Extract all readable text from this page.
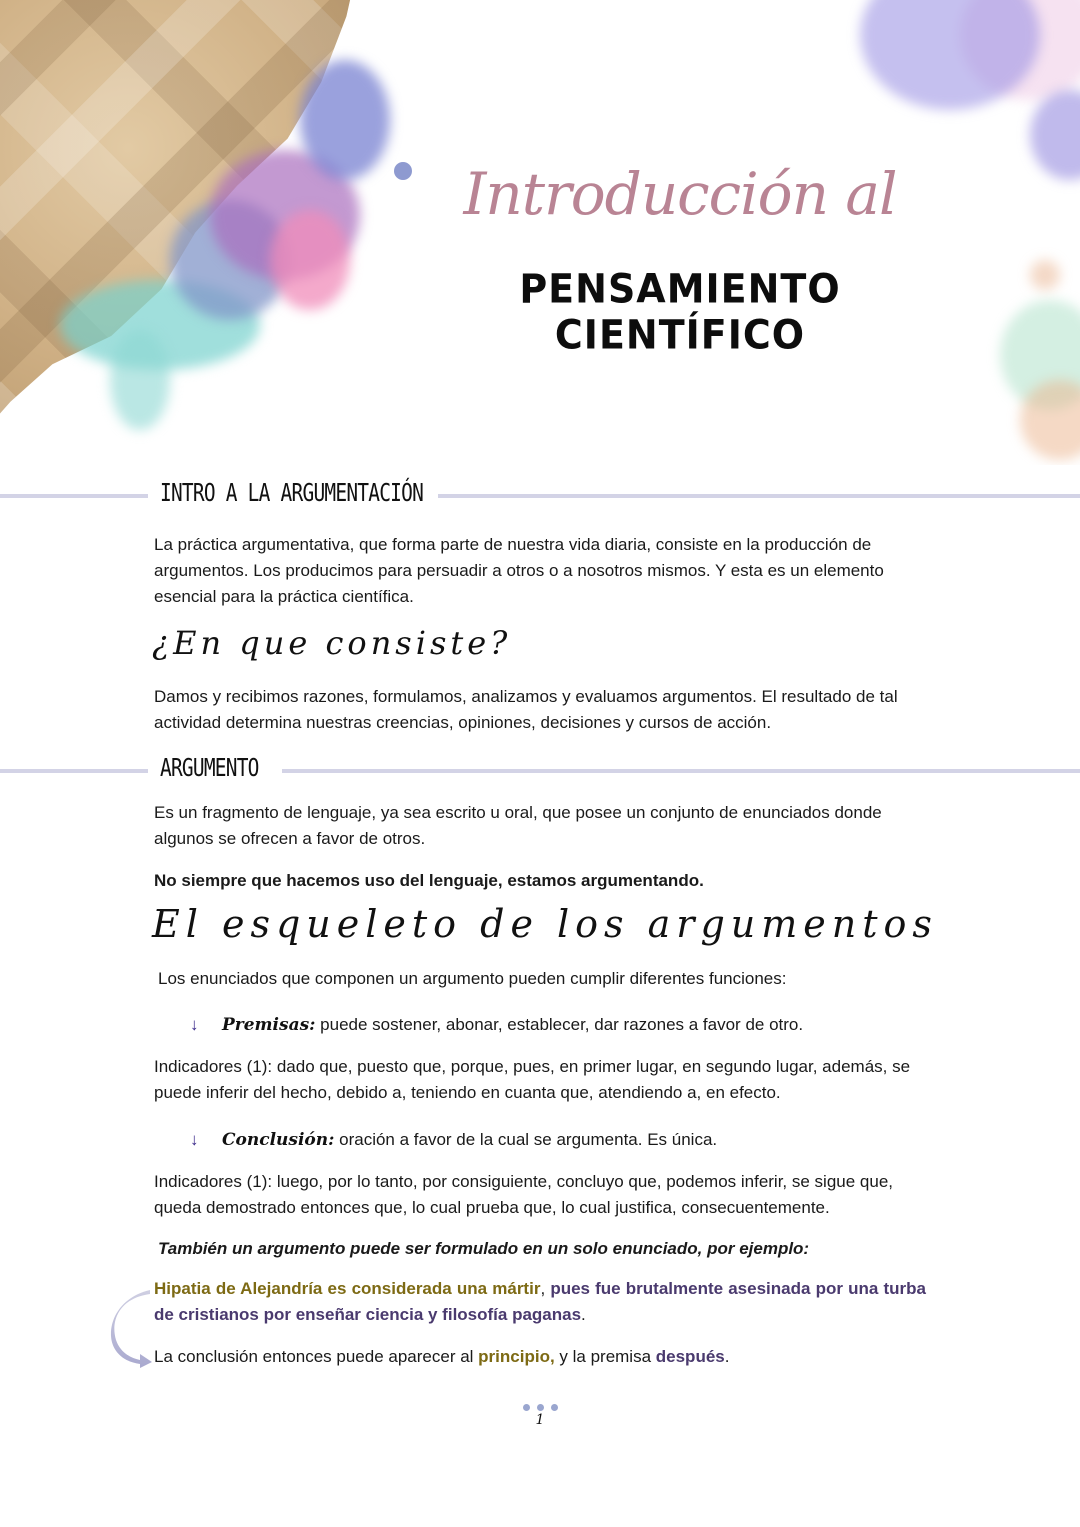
Introducción al
PENSAMIENTO CIENTÍFICO
INTRO A LA ARGUMENTACIÓN

La práctica argumentativa, que forma parte de nuestra vida diaria, consiste en la producción de argumentos. Los producimos para persuadir a otros o a nosotros mismos. Y esta es un elemento esencial para la práctica científica.

¿En que consiste?

Damos y recibimos razones, formulamos, analizamos y evaluamos argumentos. El resultado de tal actividad determina nuestras creencias, opiniones, decisiones y cursos de acción.

ARGUMENTO

Es un fragmento de lenguaje, ya sea escrito u oral, que posee un conjunto de enunciados donde algunos se ofrecen a favor de otros.

No siempre que hacemos uso del lenguaje, estamos argumentando.

El esqueleto de los argumentos

Los enunciados que componen un argumento pueden cumplir diferentes funciones:

↓ Premisas: puede sostener, abonar, establecer, dar razones a favor de otro.

Indicadores (1): dado que, puesto que, porque, pues, en primer lugar, en segundo lugar, además, se puede inferir del hecho, debido a, teniendo en cuanta que, atendiendo a, en efecto.

↓ Conclusión: oración a favor de la cual se argumenta. Es única.

Indicadores (1): luego, por lo tanto, por consiguiente, concluyo que, podemos inferir, se sigue que, queda demostrado entonces que, lo cual prueba que, lo cual justifica, consecuentemente.

También un argumento puede ser formulado en un solo enunciado, por ejemplo:

Hipatia de Alejandría es considerada una mártir, pues fue brutalmente asesinada por una turba de cristianos por enseñar ciencia y filosofía paganas.

La conclusión entonces puede aparecer al principio, y la premisa después.

1
